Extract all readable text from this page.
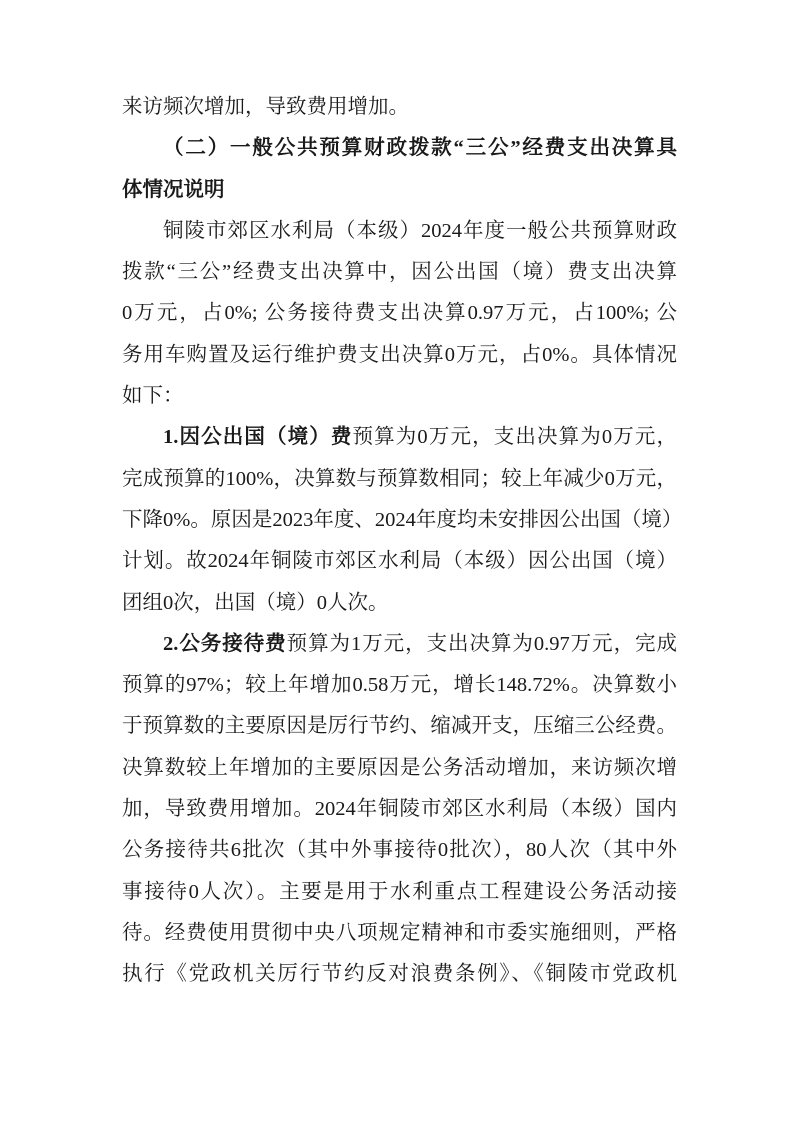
来访频次增加，导致费用增加。
（二）一般公共预算财政拨款“三公”经费支出决算具
体情况说明
铜陵市郊区水利局（本级）2024年度一般公共预算财政
拨款“三公”经费支出决算中，因公出国（境）费支出决算
0万元，占0%; 公务接待费支出决算0.97万元，占100%; 公
务用车购置及运行维护费支出决算0万元，占0%。具体情况
如下：
1.因公出国（境）费预算为0万元，支出决算为0万元，
完成预算的100%，决算数与预算数相同；较上年减少0万元，
下降0%。原因是2023年度、2024年度均未安排因公出国（境）
计划。故2024年铜陵市郊区水利局（本级）因公出国（境）
团组0次，出国（境）0人次。
2.公务接待费预算为1万元，支出决算为0.97万元，完成
预算的97%；较上年增加0.58万元，增长148.72%。决算数小
于预算数的主要原因是厉行节约、缩减开支，压缩三公经费。
决算数较上年增加的主要原因是公务活动增加，来访频次增
加，导致费用增加。2024年铜陵市郊区水利局（本级）国内
公务接待共6批次（其中外事接待0批次），80人次（其中外
事接待0人次）。主要是用于水利重点工程建设公务活动接
待。经费使用贯彻中央八项规定精神和市委实施细则，严格
执行《党政机关厉行节约反对浪费条例》、《铜陵市党政机
